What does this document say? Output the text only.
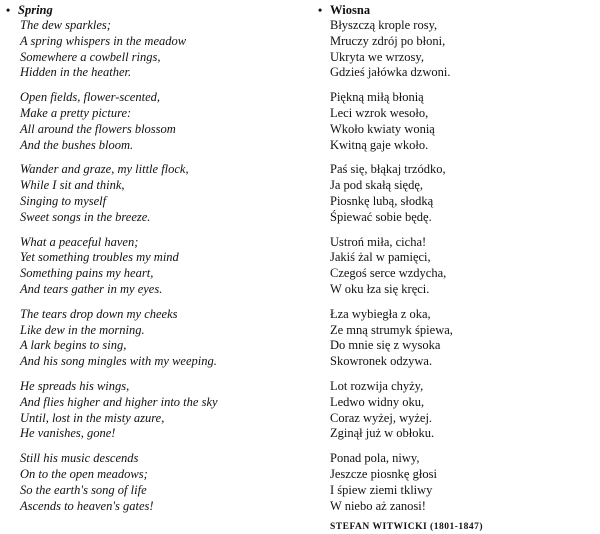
• Spring
The dew sparkles;
A spring whispers in the meadow
Somewhere a cowbell rings,
Hidden in the heather.
Open fields, flower-scented,
Make a pretty picture:
All around the flowers blossom
And the bushes bloom.
Wander and graze, my little flock,
While I sit and think,
Singing to myself
Sweet songs in the breeze.
What a peaceful haven;
Yet something troubles my mind
Something pains my heart,
And tears gather in my eyes.
The tears drop down my cheeks
Like dew in the morning.
A lark begins to sing,
And his song mingles with my weeping.
He spreads his wings,
And flies higher and higher into the sky
Until, lost in the misty azure,
He vanishes, gone!
Still his music descends
On to the open meadows;
So the earth's song of life
Ascends to heaven's gates!
• Wiosna
Błyszczą krople rosy,
Mruczy zdrój po błoni,
Ukryta we wrzosy,
Gdzieś jałówka dzwoni.
Piękną miłą błonią
Leci wzrok wesoło,
Wkoło kwiaty wonią
Kwitną gaje wkoło.
Paś się, błąkaj trzódko,
Ja pod skałą siędę,
Piosnkę lubą, słodką
Śpiewać sobie będę.
Ustroń miła, cicha!
Jakiś żal w pamięci,
Czegoś serce wzdycha,
W oku łza się kręci.
Łza wybiegła z oka,
Ze mną strumyk śpiewa,
Do mnie się z wysoka
Skowronek odzywa.
Lot rozwija chyży,
Ledwo widny oku,
Coraz wyżej, wyżej.
Zginął już w obłoku.
Ponad pola, niwy,
Jeszcze piosnkę głosi
I śpiew ziemi tkliwy
W niebo aż zanosi!
STEFAN WITWICKI (1801-1847)
